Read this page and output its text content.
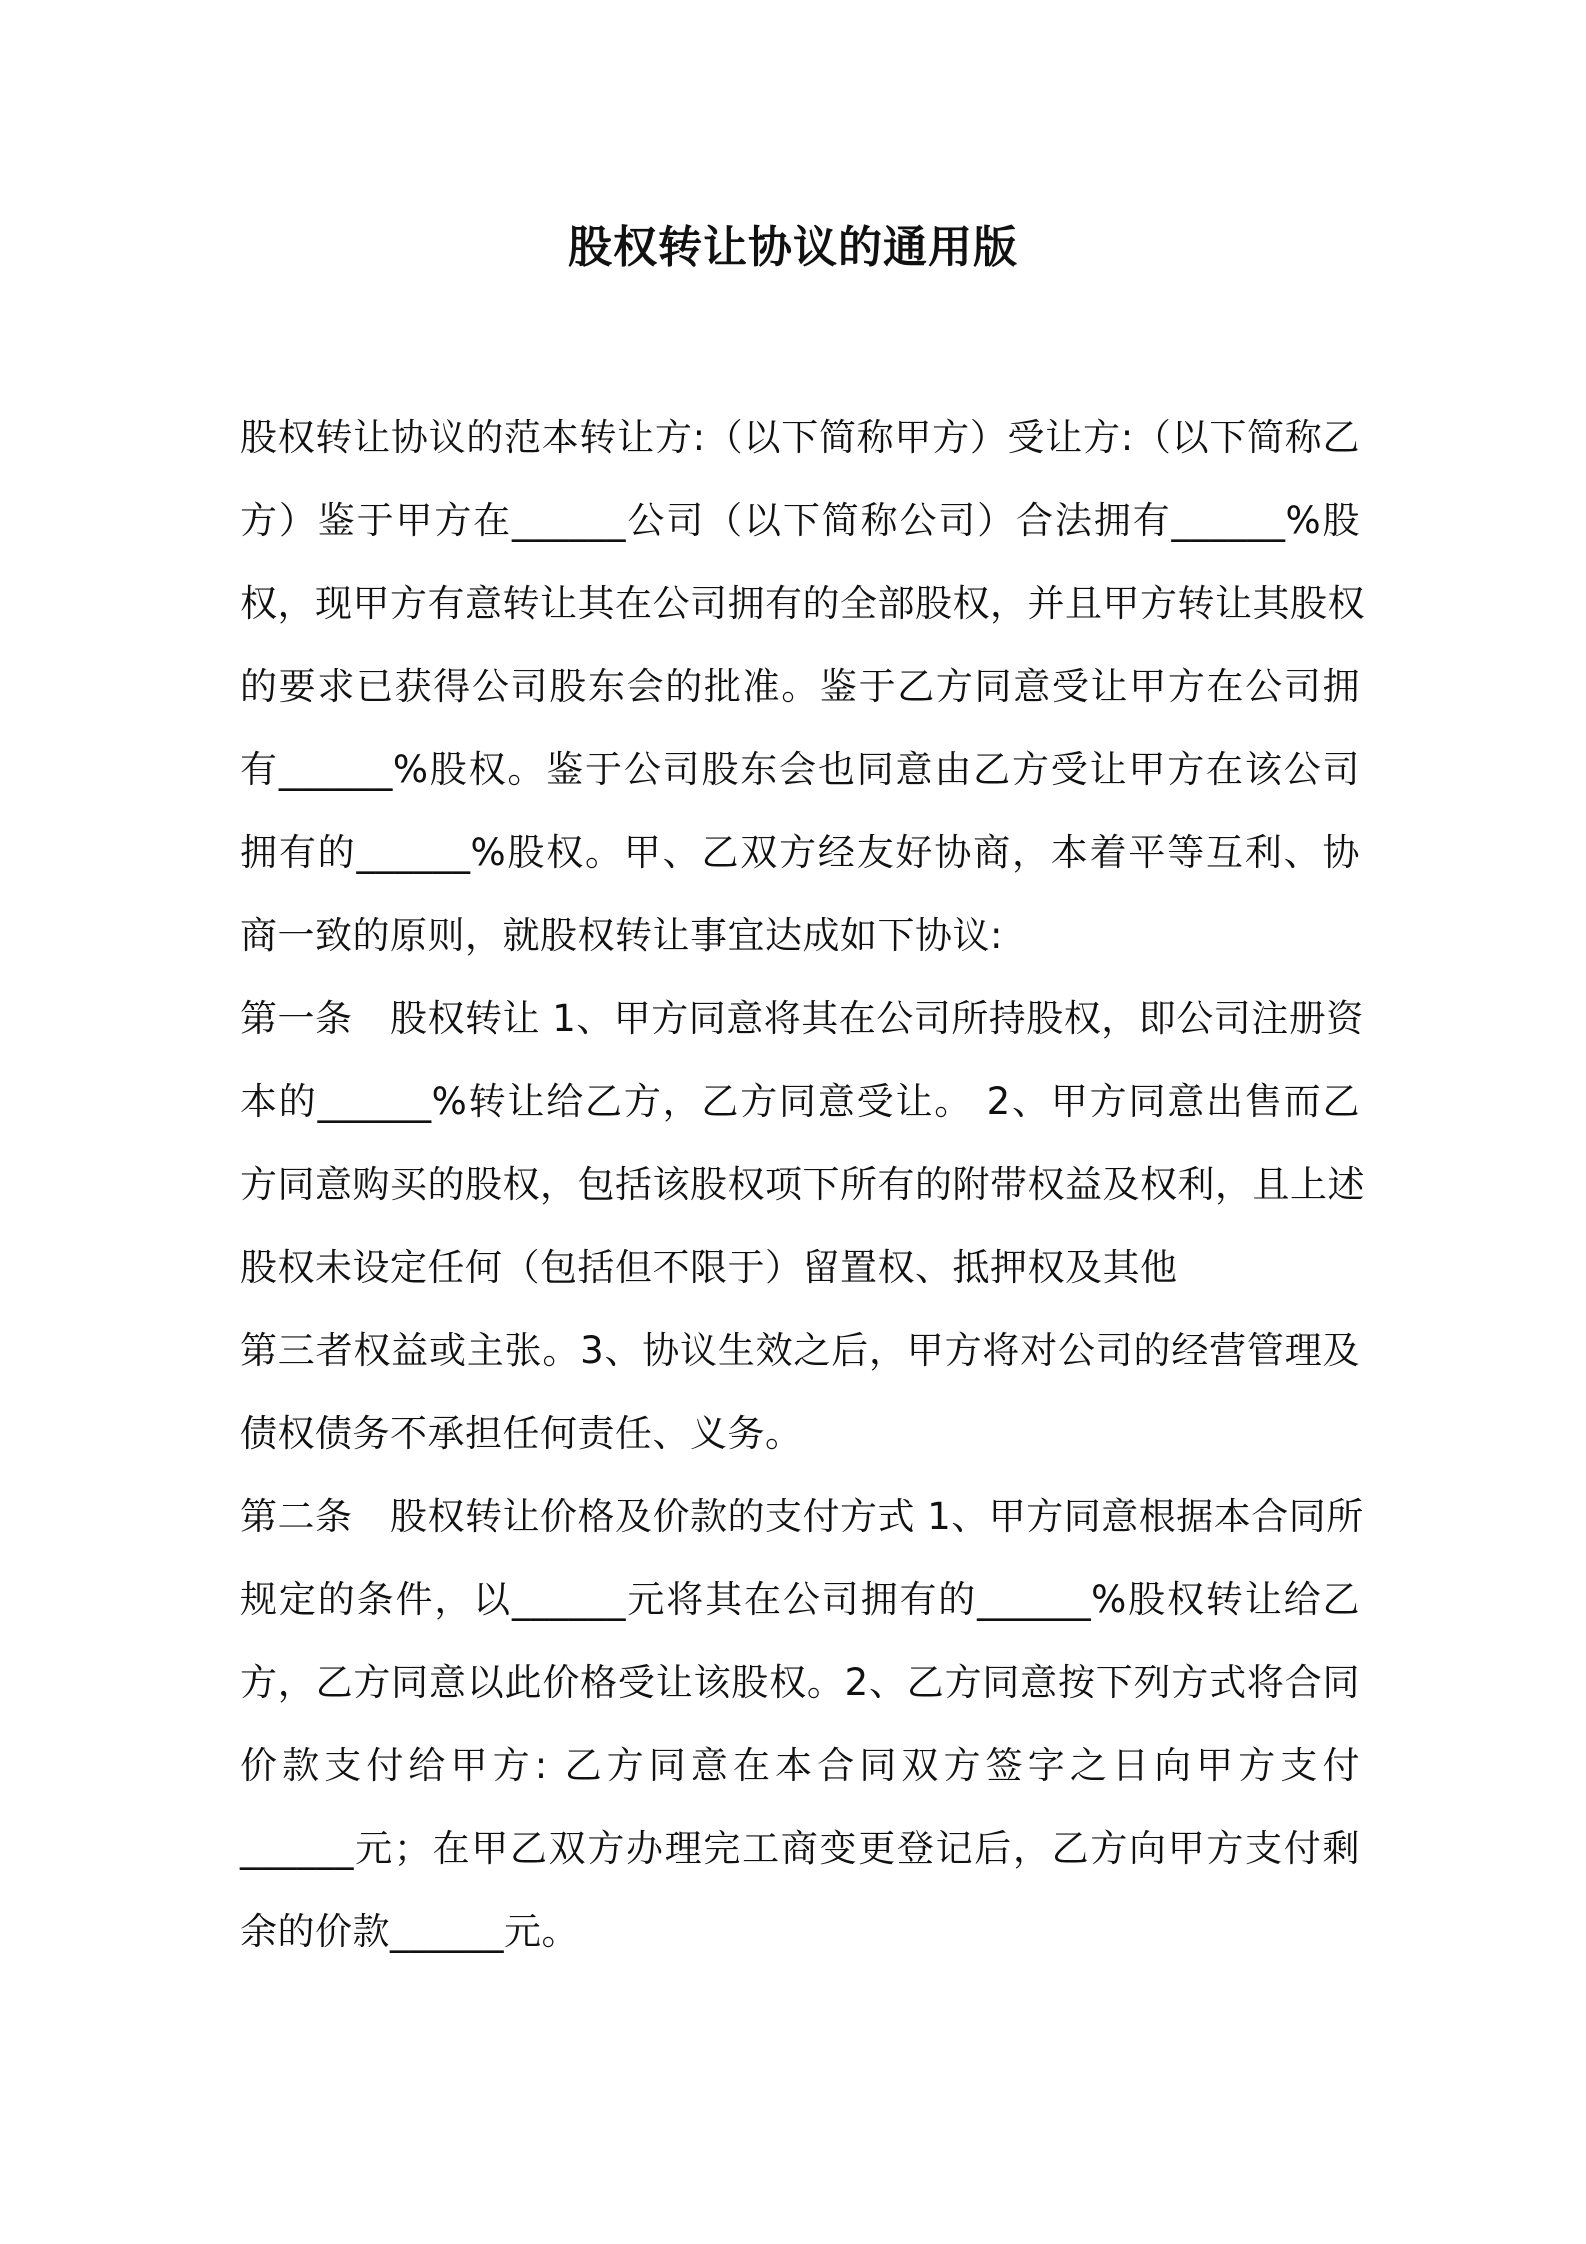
股权转让协议的通用版
股权转让协议的范本转让方:（以下简称甲方）受让方:（以下简称乙
方）鉴于甲方在______公司（以下简称公司）合法拥有______%股
权，现甲方有意转让其在公司拥有的全部股权，并且甲方转让其股权
的要求已获得公司股东会的批准。鉴于乙方同意受让甲方在公司拥
有______%股权。鉴于公司股东会也同意由乙方受让甲方在该公司
拥有的______%股权。甲、乙双方经友好协商，本着平等互利、协
商一致的原则，就股权转让事宜达成如下协议:
第一条　股权转让 1、甲方同意将其在公司所持股权，即公司注册资
本的______%转让给乙方，乙方同意受让。 2、甲方同意出售而乙
方同意购买的股权，包括该股权项下所有的附带权益及权利，且上述
股权未设定任何（包括但不限于）留置权、抵押权及其他
第三者权益或主张。3、协议生效之后，甲方将对公司的经营管理及
债权债务不承担任何责任、义务。
第二条　股权转让价格及价款的支付方式 1、甲方同意根据本合同所
规定的条件，以______元将其在公司拥有的______%股权转让给乙
方，乙方同意以此价格受让该股权。2、乙方同意按下列方式将合同
价款支付给甲方: 乙方同意在本合同双方签字之日向甲方支付
______元；在甲乙双方办理完工商变更登记后，乙方向甲方支付剩
余的价款______元。
